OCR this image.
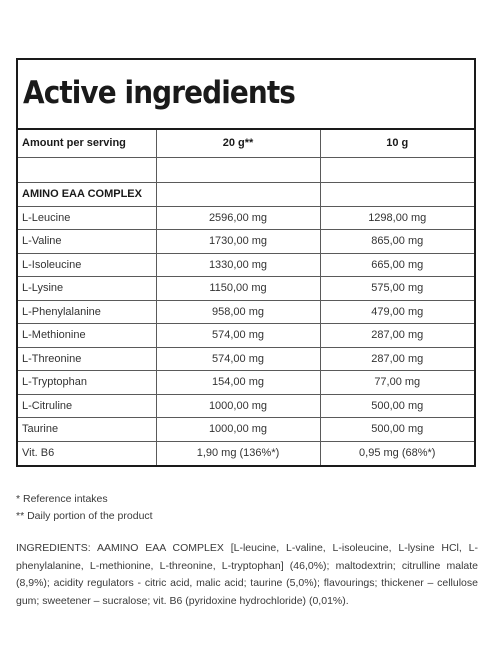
Active ingredients
Amount per serving	20 g**	10 g

AMINO EAA COMPLEX		
L-Leucine	2596,00 mg	1298,00 mg
L-Valine	1730,00 mg	865,00 mg
L-Isoleucine	1330,00 mg	665,00 mg
L-Lysine	1150,00 mg	575,00 mg
L-Phenylalanine	958,00 mg	479,00 mg
L-Methionine	574,00 mg	287,00 mg
L-Threonine	574,00 mg	287,00 mg
L-Tryptophan	154,00 mg	77,00 mg
L-Citruline	1000,00 mg	500,00 mg
Taurine	1000,00 mg	500,00 mg
Vit. B6	1,90 mg (136%*)	0,95 mg (68%*)
* Reference intakes
** Daily portion of the product
INGREDIENTS: AAMINO EAA COMPLEX [L-leucine, L-valine, L-isoleucine, L-lysine HCl, L-phenylalanine, L-methionine, L-threonine, L-tryptophan] (46,0%); maltodextrin; citrulline malate (8,9%); acidity regulators - citric acid, malic acid; taurine (5,0%); flavourings; thickener – cellulose gum; sweetener – sucralose; vit. B6 (pyridoxine hydrochloride) (0,01%).
